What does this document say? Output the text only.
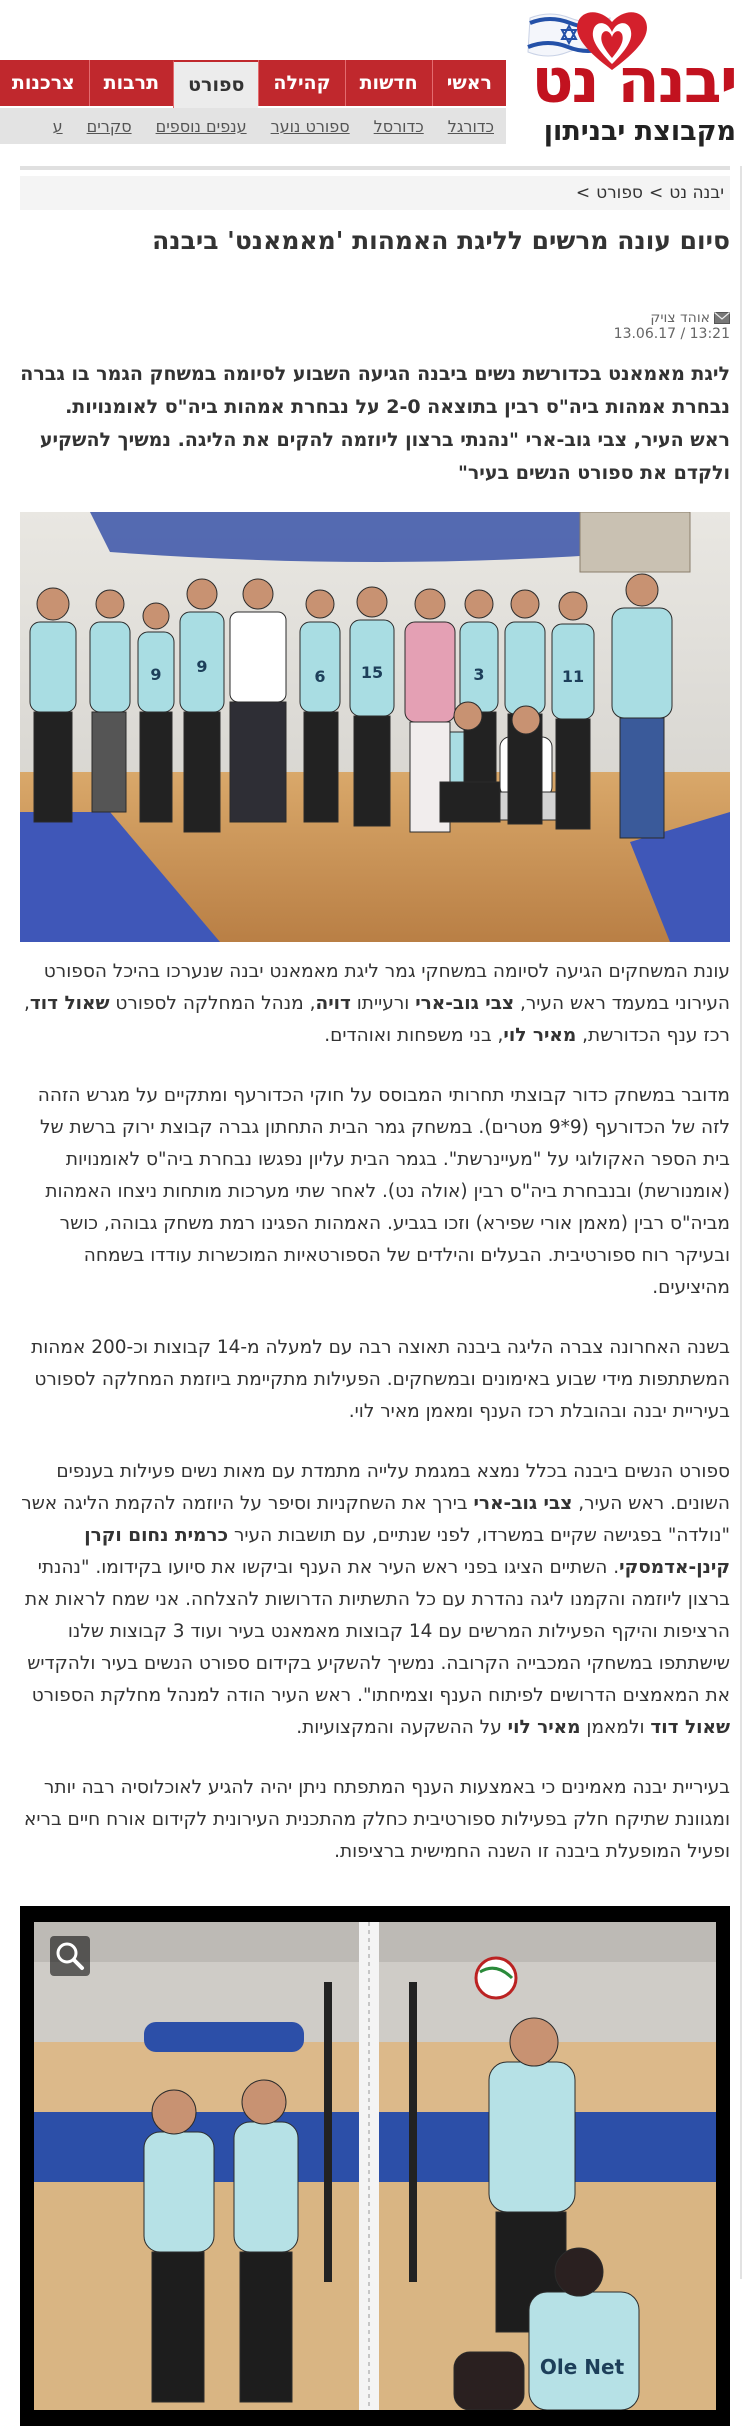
יבנה נט
מקבוצת יבניתון
ראשי
חדשות
קהילה
ספורט
תרבות
צרכנות
כדורגל
כדורסל
ספורט נוער
ענפים נוספים
סקרים
ע
יבנה נט>ספורט>
סיום עונה מרשים לליגת האמהות 'מאמאנט' ביבנה
אוהד צויק
13:21 / 13.06.17
ליגת מאמאנט בכדורשת נשים ביבנה הגיעה השבוע לסיומה במשחק הגמר בו גברה נבחרת אמהות ביה"ס רבין בתוצאה 2-0 על נבחרת אמהות ביה"ס לאומנויות. ראש העיר, צבי גוב-ארי "נהנתי ברצון ליוזמה להקים את הליגה. נמשיך להשקיע ולקדם את ספורט הנשים בעיר"
9	6 15	3	11
9

עונת המשחקים הגיעה לסיומה במשחקי גמר ליגת מאמאנט יבנה שנערכו בהיכל הספורט העירוני במעמד ראש העיר, צבי גוב-ארי ורעייתו דויה, מנהל המחלקה לספורט שאול דוד, רכז ענף הכדורשת, מאיר לוי, בני משפחות ואוהדים.

מדובר במשחק כדור קבוצתי תחרותי המבוסס על חוקי הכדורעף ומתקיים על מגרש הזהה לזה של הכדורעף (9*9 מטרים). במשחק גמר הבית התחתון גברה קבוצת ירוק ברשת של בית הספר האקולוגי על "מעיינרשת". בגמר הבית עליון נפגשו נבחרת ביה"ס לאומנויות (אומנורשת) ובנבחרת ביה"ס רבין (אולה נט). לאחר שתי מערכות מותחות ניצחו האמהות מביה"ס רבין (מאמן אורי שפירא) וזכו בגביע. האמהות הפגינו רמת משחק גבוהה, כושר ובעיקר רוח ספורטיבית. הבעלים והילדים של הספורטאיות המוכשרות עודדו בשמחה מהיציעים.

בשנה האחרונה צברה הליגה ביבנה תאוצה רבה עם למעלה מ-14 קבוצות וכ-200 אמהות המשתתפות מידי שבוע באימונים ובמשחקים. הפעילות מתקיימת ביוזמת המחלקה לספורט בעיריית יבנה ובהובלת רכז הענף ומאמן מאיר לוי.

ספורט הנשים ביבנה בכלל נמצא במגמת עלייה מתמדת עם מאות נשים פעילות בענפים השונים. ראש העיר, צבי גוב-ארי בירך את השחקניות וסיפר על היוזמה להקמת הליגה אשר "נולדה" בפגישה שקיים במשרדו, לפני שנתיים, עם תושבות העיר כרמית נחום וקרן קינן-אדמסקי. השתיים הציגו בפני ראש העיר את הענף וביקשו את סיועו בקידומו. "נהנתי ברצון ליוזמה והקמנו ליגה נהדרת עם כל התשתיות הדרושות להצלחה. אני שמח לראות את הרציפות והיקף הפעילות המרשים עם 14 קבוצות מאמאנט בעיר ועוד 3 קבוצות שלנו שישתתפו במשחקי המכבייה הקרובה. נמשיך להשקיע בקידום ספורט הנשים בעיר ולהקדיש את המאמצים הדרושים לפיתוח הענף וצמיחתו". ראש העיר הודה למנהל מחלקת הספורט שאול דוד ולמאמן מאיר לוי על ההשקעה והמקצועיות.

בעיריית יבנה מאמינים כי באמצעות הענף המתפתח ניתן יהיה להגיע לאוכלוסיה רבה יותר ומגוונת שתיקח חלק בפעילות ספורטיבית כחלק מהתכנית העירונית לקידום אורח חיים בריא ופעיל המופעלת ביבנה זו השנה החמישית ברציפות.

Ole Net
